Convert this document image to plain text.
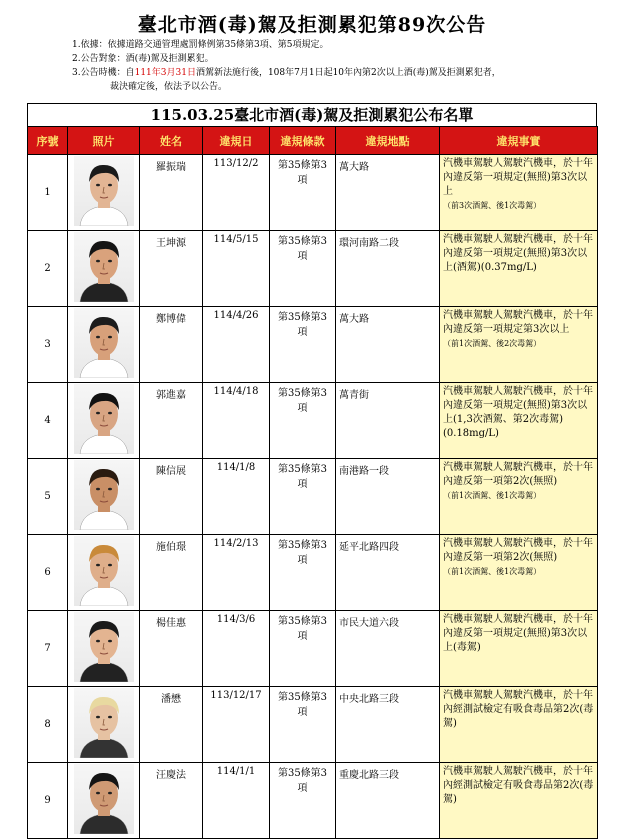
臺北市酒(毒)駕及拒測累犯第89次公告
1.依據：依據道路交通管理處罰條例第35條第3項、第5項規定。
2.公告對象：酒(毒)駕及拒測累犯。
3.公告時機：自111年3月31日酒駕新法施行後，108年7月1日起10年內第2次以上酒(毒)駕及拒測累犯者，
裁決確定後，依法予以公告。
115.03.25臺北市酒(毒)駕及拒測累犯公布名單
序號	照片	姓名	違規日	違規條款	違規地點	違規事實
1		羅振瑞	113/12/2	第35條第3項	萬大路	汽機車駕駛人駕駛汽機車，於十年內違反第一項規定(無照)第3次以上
（前3次酒駕、後1次毒駕）

2		王坤源	114/5/15	第35條第3項	環河南路二段	汽機車駕駛人駕駛汽機車，於十年內違反第一項規定(無照)第3次以上(酒駕)(0.37mg/L)

3		鄭博偉	114/4/26	第35條第3項	萬大路	汽機車駕駛人駕駛汽機車，於十年內違反第一項規定第3次以上
（前1次酒駕、後2次毒駕）

4		郭進嘉	114/4/18	第35條第3項	萬青街	汽機車駕駛人駕駛汽機車，於十年內違反第一項規定(無照)第3次以上(1,3次酒駕、第2次毒駕)(0.18mg/L)

5		陳信展	114/1/8	第35條第3項	南港路一段	汽機車駕駛人駕駛汽機車，於十年內違反第一項第2次(無照)
（前1次酒駕、後1次毒駕）

6		施伯璟	114/2/13	第35條第3項	延平北路四段	汽機車駕駛人駕駛汽機車，於十年內違反第一項第2次(無照)
（前1次酒駕、後1次毒駕）

7		楊佳惠	114/3/6	第35條第3項	市民大道六段	汽機車駕駛人駕駛汽機車，於十年內違反第一項規定(無照)第3次以上(毒駕)

8		潘懋	113/12/17	第35條第3項	中央北路三段	汽機車駕駛人駕駛汽機車，於十年內經測試檢定有吸食毒品第2次(毒駕)

9		汪慶法	114/1/1	第35條第3項	重慶北路三段	汽機車駕駛人駕駛汽機車，於十年內經測試檢定有吸食毒品第2次(毒駕)
